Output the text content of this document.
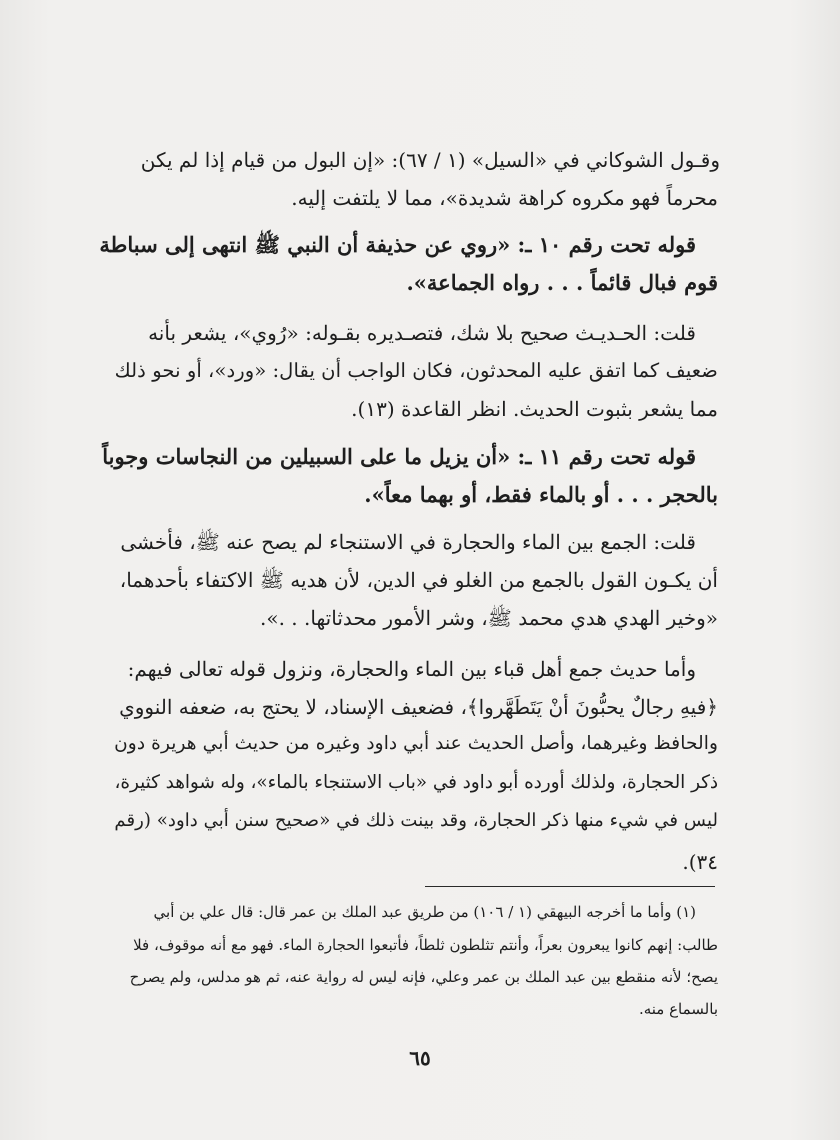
وقـول الشوكاني في «السيل» (١ / ٦٧): «إن البول من قيام إذا لم يكن
محرماً فهو مكروه كراهة شديدة»، مما لا يلتفت إليه.
قوله تحت رقم ١٠ ـ: «روي عن حذيفة أن النبي ﷺ انتهى إلى سباطة
قوم فبال قائماً . . . رواه الجماعة».
قلت: الحـديـث صحيح بلا شك، فتصـديره بقـوله: «رُوي»، يشعر بأنه
ضعيف كما اتفق عليه المحدثون، فكان الواجب أن يقال: «ورد»، أو نحو ذلك
مما يشعر بثبوت الحديث. انظر القاعدة (١٣).
قوله تحت رقم ١١ ـ: «أن يزيل ما على السبيلين من النجاسات وجوباً
بالحجر . . . أو بالماء فقط، أو بهما معاً».
قلت: الجمع بين الماء والحجارة في الاستنجاء لم يصح عنه ﷺ، فأخشى
أن يكـون القول بالجمع من الغلو في الدين، لأن هديه ﷺ الاكتفاء بأحدهما،
«وخير الهدي هدي محمد ﷺ، وشر الأمور محدثاتها. . .».
وأما حديث جمع أهل قباء بين الماء والحجارة، ونزول قوله تعالى فيهم:
﴿فيهِ رجالٌ يحبُّونَ أنْ يَتَطَهَّروا﴾، فضعيف الإسناد، لا يحتج به، ضعفه النووي
والحافظ وغيرهما، وأصل الحديث عند أبي داود وغيره من حديث أبي هريرة دون
ذكر الحجارة، ولذلك أورده أبو داود في «باب الاستنجاء بالماء»، وله شواهد كثيرة،
ليس في شيء منها ذكر الحجارة، وقد بينت ذلك في «صحيح سنن أبي داود» (رقم
٣٤).
(١) وأما ما أخرجه البيهقي (١ / ١٠٦) من طريق عبد الملك بن عمر قال: قال علي بن أبي
طالب: إنهم كانوا يبعرون بعراً، وأنتم تثلطون ثلطاً، فأتبعوا الحجارة الماء. فهو مع أنه موقوف، فلا
يصح؛ لأنه منقطع بين عبد الملك بن عمر وعلي، فإنه ليس له رواية عنه، ثم هو مدلس، ولم يصرح
بالسماع منه.
٦٥
